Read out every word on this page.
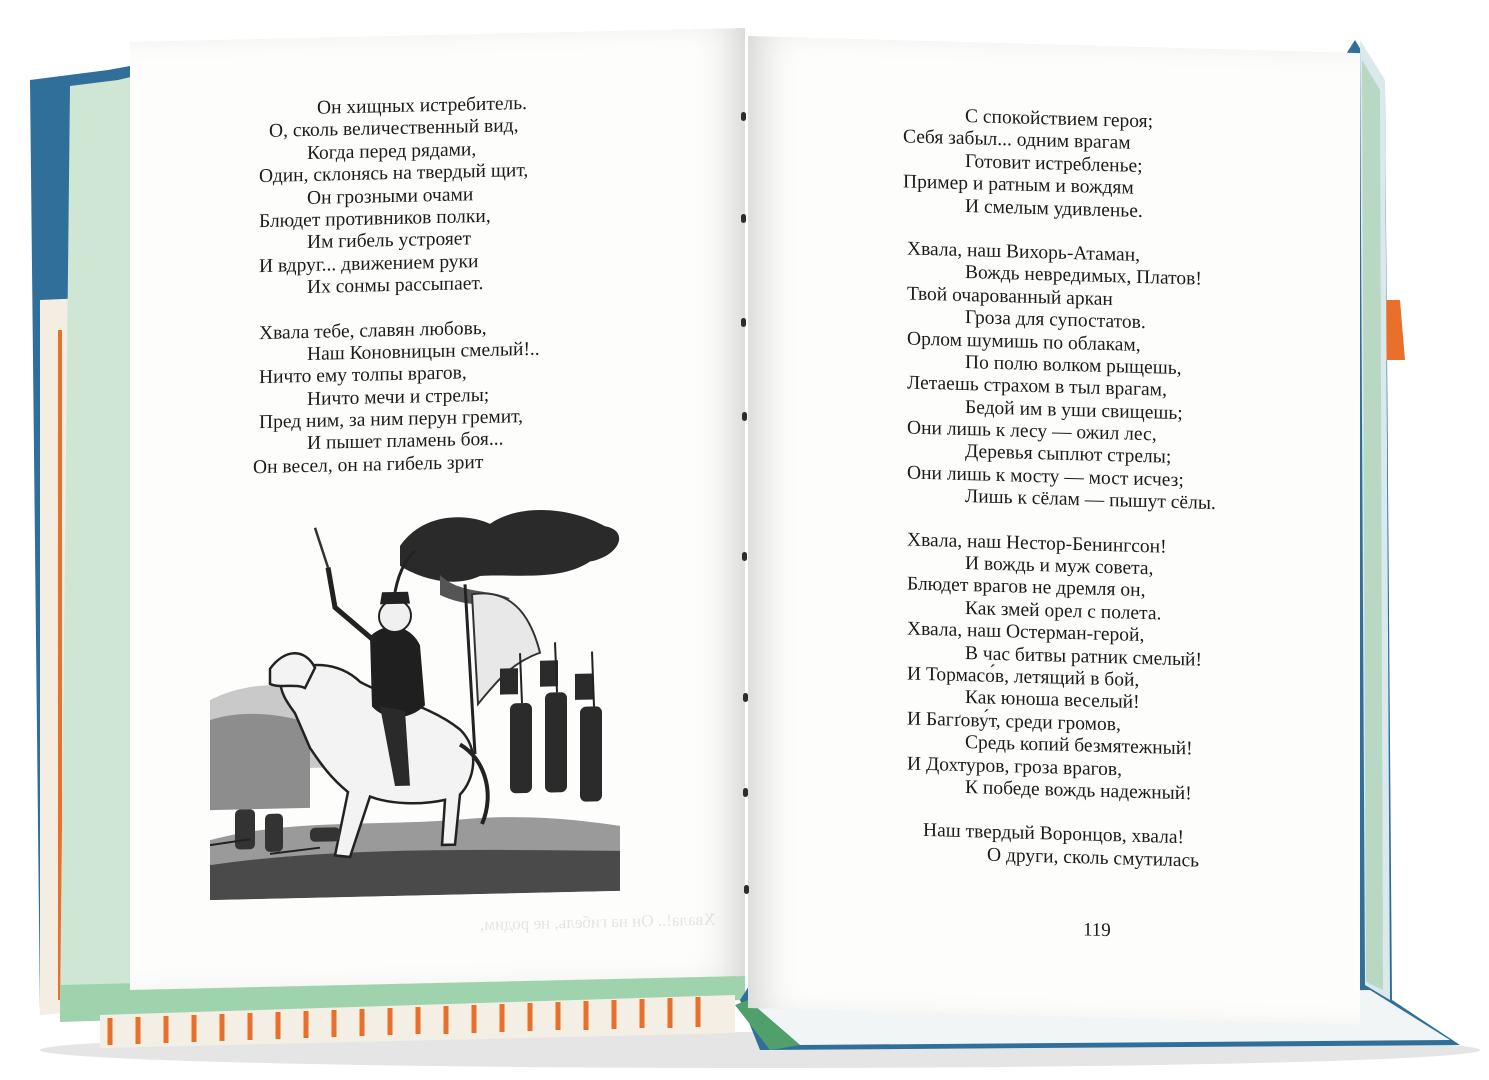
Хвала!.. Он на гибель, не родим,
Он хищных истребитель.
О, сколь величественный вид,
Когда перед рядами,
Один, склонясь на твердый щит,
Он грозными очами
Блюдет противников полки,
Им гибель устрояет
И вдруг... движением руки
Их сонмы рассыпает.
Хвала тебе, славян любовь,
Наш Коновницын смелый!..
Ничто ему толпы врагов,
Ничто мечи и стрелы;
Пред ним, за ним перун гремит,
И пышет пламень боя...
Он весел, он на гибель зрит
С спокойствием героя;
Себя забыл... одним врагам
Готовит истребленье;
Пример и ратным и вождям
И смелым удивленье.
Хвала, наш Вихорь-Атаман,
Вождь невредимых, Платов!
Твой очарованный аркан
Гроза для супостатов.
Орлом шумишь по облакам,
По полю волком рыщешь,
Летаешь страхом в тыл врагам,
Бедой им в уши свищешь;
Они лишь к лесу — ожил лес,
Деревья сыплют стрелы;
Они лишь к мосту — мост исчез;
Лишь к сёлам — пышут сёлы.
Хвала, наш Нестор-Бенингсон!
И вождь и муж совета,
Блюдет врагов не дремля он,
Как змей орел с полета.
Хвала, наш Остерман-герой,
В час битвы ратник смелый!
И Тормасо́в, летящий в бой,
Как юноша веселый!
И Багґову́т, среди громов,
Средь копий безмятежный!
И Дохтуров, гроза врагов,
К победе вождь надежный!
Наш твердый Воронцов, хвала!
О други, сколь смутилась
119
